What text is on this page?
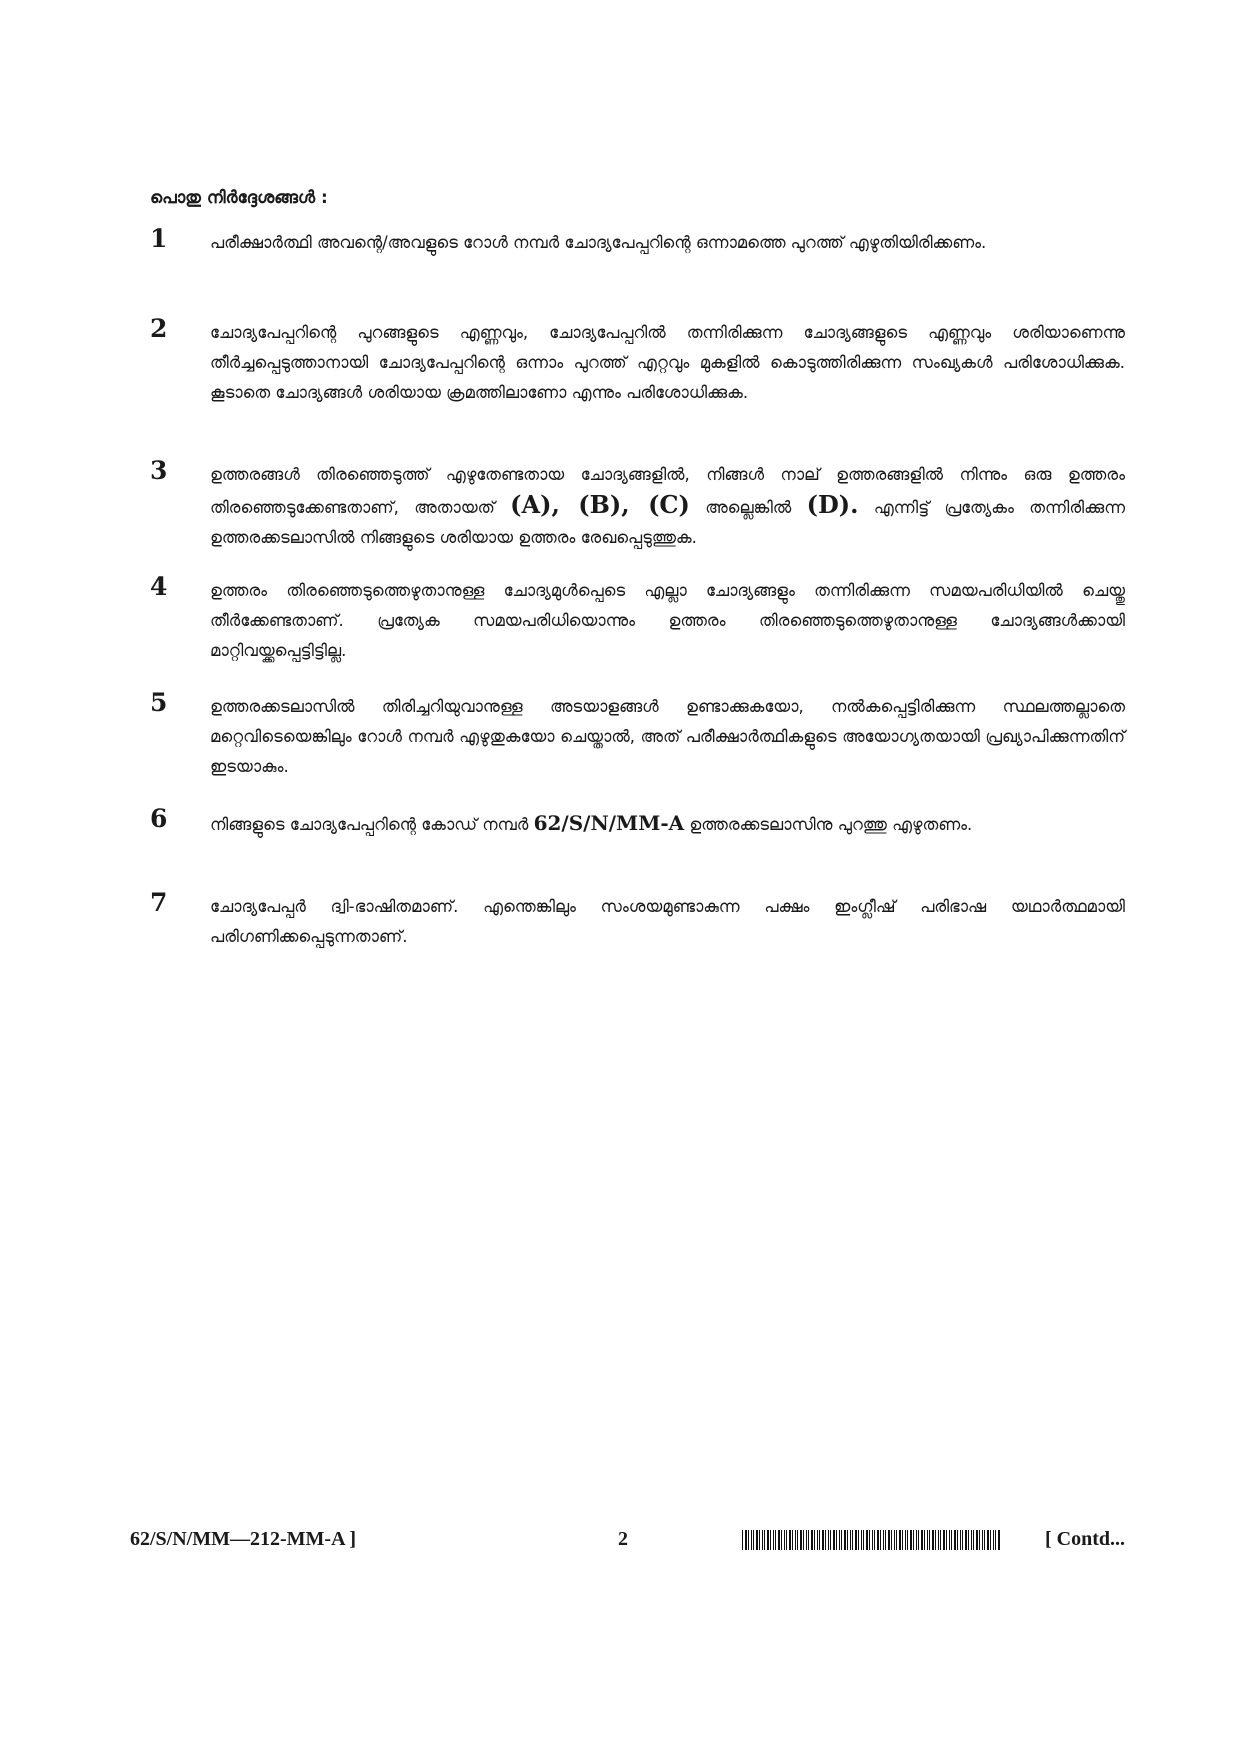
പൊതു നിർദ്ദേശങ്ങൾ :
1	പരീക്ഷാർത്ഥി അവന്റെ/അവളുടെ റോൾ നമ്പർ ചോദ്യപേപ്പറിന്റെ ഒന്നാമത്തെ പുറത്ത് എഴുതിയിരിക്കണം.
2	ചോദ്യപേപ്പറിന്റെ പുറങ്ങളുടെ എണ്ണവും, ചോദ്യപേപ്പറിൽ തന്നിരിക്കുന്ന ചോദ്യങ്ങളുടെ എണ്ണവും ശരിയാണെന്നു തീർച്ചപ്പെടുത്താനായി ചോദ്യപേപ്പറിന്റെ ഒന്നാം പുറത്ത് എറ്റവും മുകളിൽ കൊടുത്തിരിക്കുന്ന സംഖ്യകൾ പരിശോധിക്കുക. കൂടാതെ ചോദ്യങ്ങൾ ശരിയായ ക്രമത്തിലാണോ എന്നും പരിശോധിക്കുക.
3	ഉത്തരങ്ങൾ തിരഞ്ഞെടുത്ത് എഴുതേണ്ടതായ ചോദ്യങ്ങളിൽ, നിങ്ങൾ നാല് ഉത്തരങ്ങളിൽ നിന്നും ഒരു ഉത്തരം തിരഞ്ഞെടുക്കേണ്ടതാണ്, അതായത് (A), (B), (C) അല്ലെങ്കിൽ (D). എന്നിട്ട് പ്രത്യേകം തന്നിരിക്കുന്ന ഉത്തരക്കടലാസിൽ നിങ്ങളുടെ ശരിയായ ഉത്തരം രേഖപ്പെടുത്തുക.
4	ഉത്തരം തിരഞ്ഞെടുത്തെഴുതാനുള്ള ചോദ്യമുൾപ്പെടെ എല്ലാ ചോദ്യങ്ങളും തന്നിരിക്കുന്ന സമയപരിധിയിൽ ചെയ്തു തീർക്കേണ്ടതാണ്. പ്രത്യേക സമയപരിധിയൊന്നും ഉത്തരം തിരഞ്ഞെടുത്തെഴുതാനുള്ള ചോദ്യങ്ങൾക്കായി മാറ്റിവയ്ക്കപ്പെട്ടിട്ടില്ല.
5	ഉത്തരക്കടലാസിൽ തിരിച്ചറിയുവാനുള്ള അടയാളങ്ങൾ ഉണ്ടാക്കുകയോ, നൽകപ്പെട്ടിരിക്കുന്ന സ്ഥലത്തല്ലാതെ മറ്റെവിടെയെങ്കിലും റോൾ നമ്പർ എഴുതുകയോ ചെയ്താൽ, അത് പരീക്ഷാർത്ഥികളുടെ അയോഗ്യതയായി പ്രഖ്യാപിക്കുന്നതിന് ഇടയാകും.
6	നിങ്ങളുടെ ചോദ്യപേപ്പറിന്റെ കോഡ് നമ്പർ 62/S/N/MM-A ഉത്തരക്കടലാസിനു പുറത്തു എഴുതണം.
7	ചോദ്യപേപ്പർ ദ്വി-ഭാഷിതമാണ്. എന്തെങ്കിലും സംശയമുണ്ടാകുന്ന പക്ഷം ഇംഗ്ലീഷ് പരിഭാഷ യഥാർത്ഥമായി പരിഗണിക്കപ്പെടുന്നതാണ്.
62/S/N/MM—212-MM-A ]	2	[ Contd...
